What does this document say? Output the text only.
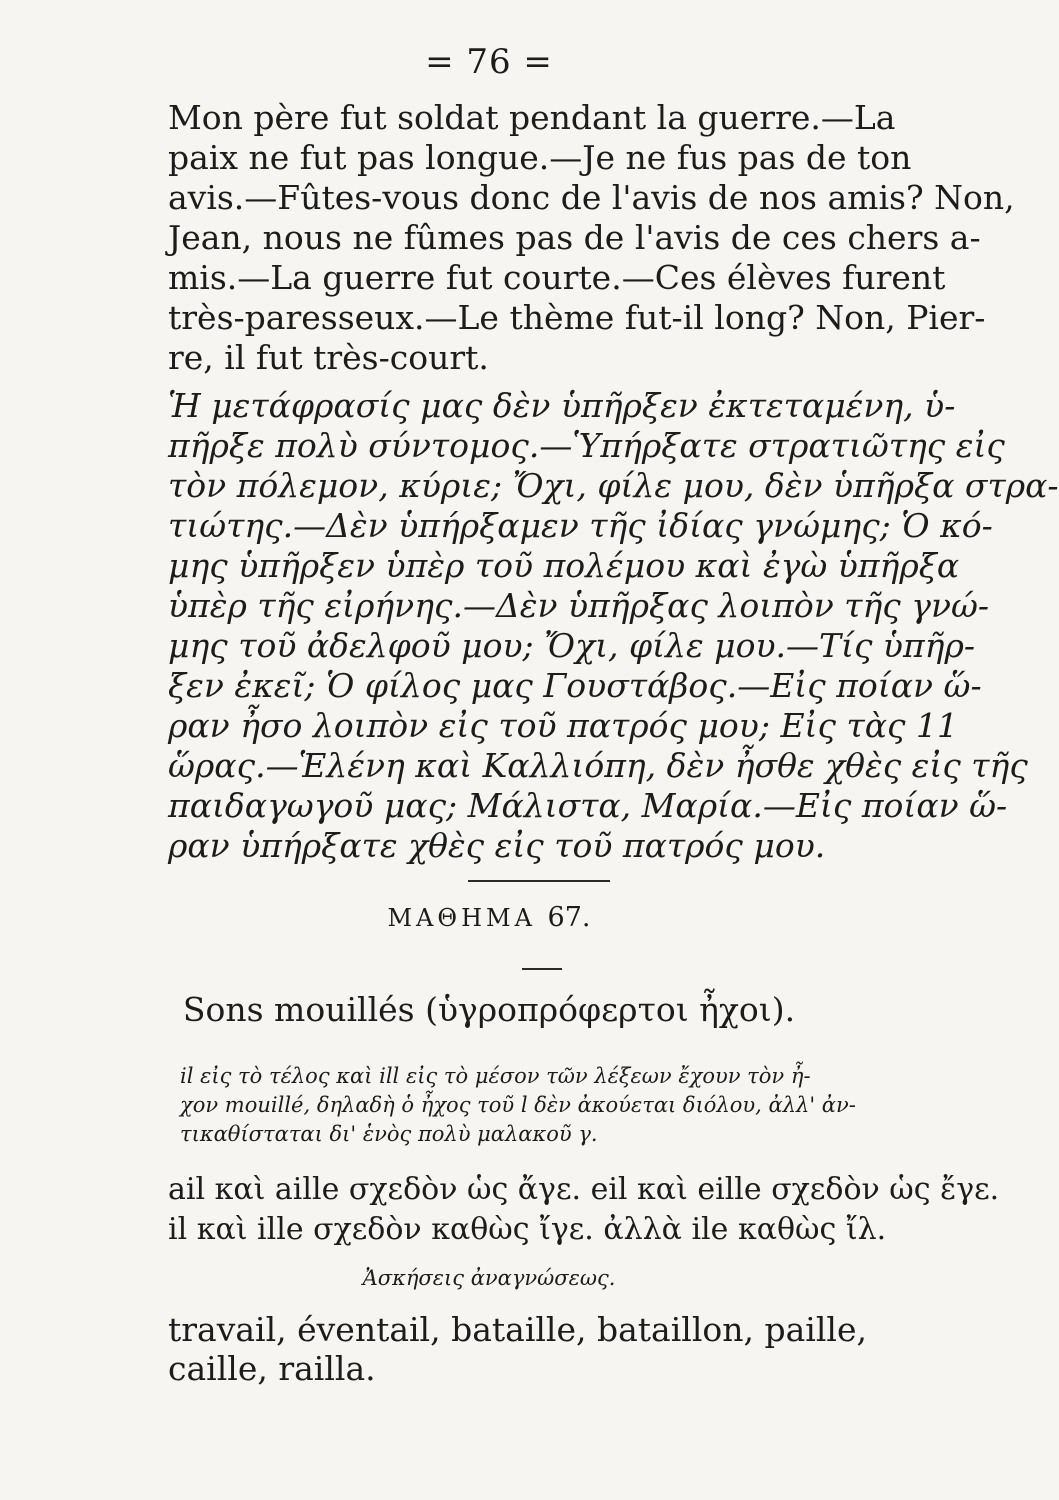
= 76 =
Mon père fut soldat pendant la guerre.—La
paix ne fut pas longue.—Je ne fus pas de ton
avis.—Fûtes-vous donc de l'avis de nos amis? Non,
Jean, nous ne fûmes pas de l'avis de ces chers a-
mis.—La guerre fut courte.—Ces élèves furent
très-paresseux.—Le thème fut-il long? Non, Pier-
re, il fut très-court.
Ἡ μετάφρασίς μας δὲν ὑπῆρξεν ἐκτεταμένη, ὑ-
πῆρξε πολὺ σύντομος.—Ὑπήρξατε στρατιῶτης εἰς
τὸν πόλεμον, κύριε; Ὄχι, φίλε μου, δὲν ὑπῆρξα στρα-
τιώτης.—Δὲν ὑπήρξαμεν τῆς ἰδίας γνώμης; Ὁ κό-
μης ὑπῆρξεν ὑπὲρ τοῦ πολέμου καὶ ἐγὼ ὑπῆρξα
ὑπὲρ τῆς εἰρήνης.—Δὲν ὑπῆρξας λοιπὸν τῆς γνώ-
μης τοῦ ἀδελφοῦ μου; Ὄχι, φίλε μου.—Τίς ὑπῆρ-
ξεν ἐκεῖ; Ὁ φίλος μας Γουστάβος.—Εἰς ποίαν ὥ-
ραν ἦσο λοιπὸν εἰς τοῦ πατρός μου; Εἰς τὰς 11
ὥρας.—Ἑλένη καὶ Καλλιόπη, δὲν ἦσθε χθὲς εἰς τῆς
παιδαγωγοῦ μας; Μάλιστα, Μαρία.—Εἰς ποίαν ὥ-
ραν ὑπήρξατε χθὲς εἰς τοῦ πατρός μου.
ΜΑΘΗΜΑ 67.
Sons mouillés (ὑγροπρόφερτοι ἦχοι).
il εἰς τὸ τέλος καὶ ill εἰς τὸ μέσον τῶν λέξεων ἔχουν τὸν ἦ-
χον mouillé, δηλαδὴ ὁ ἦχος τοῦ l δὲν ἀκούεται διόλου, ἀλλ' ἀν-
τικαθίσταται δι' ἑνὸς πολὺ μαλακοῦ γ.
ail καὶ aille σχεδὸν ὡς ἄγε. eil καὶ eille σχεδὸν ὡς ἔγε.
il καὶ ille σχεδὸν καθὼς ἴγε. ἀλλὰ ile καθὼς ἴλ.
Ἀσκήσεις ἀναγνώσεως.
travail, éventail, bataille, bataillon, paille, caille, railla.
